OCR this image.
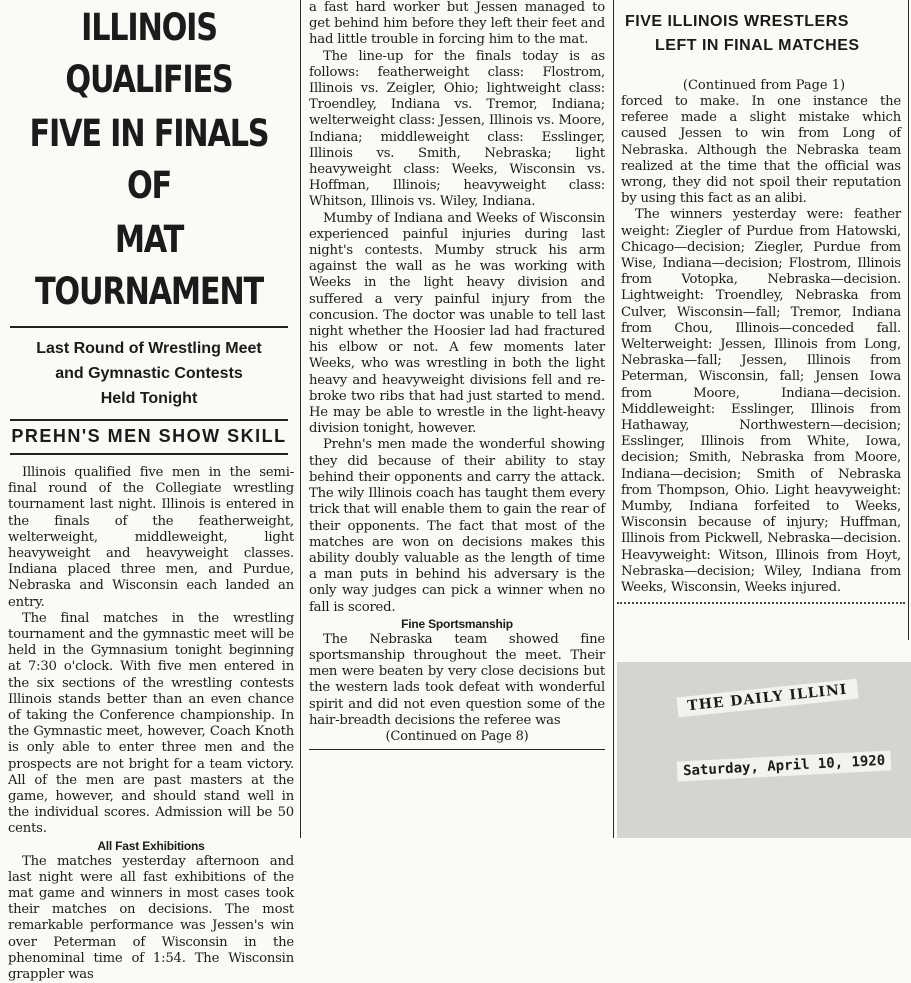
ILLINOIS QUALIFIES
FIVE IN FINALS OF
MAT TOURNAMENT
Last Round of Wrestling Meet
and Gymnastic Contests
Held Tonight
PREHN'S MEN SHOW SKILL

Illinois qualified five men in the semi-final round of the Collegiate wrestling tournament last night. Illinois is entered in the finals of the featherweight, welterweight, middleweight, light heavyweight and heavyweight classes. Indiana placed three men, and Purdue, Nebraska and Wisconsin each landed an entry.

The final matches in the wrestling tournament and the gymnastic meet will be held in the Gymnasium tonight beginning at 7:30 o'clock. With five men entered in the six sections of the wrestling contests Illinois stands better than an even chance of taking the Conference championship. In the Gymnastic meet, however, Coach Knoth is only able to enter three men and the prospects are not bright for a team victory. All of the men are past masters at the game, however, and should stand well in the individual scores. Admission will be 50 cents.

All Fast Exhibitions

The matches yesterday afternoon and last night were all fast exhibitions of the mat game and winners in most cases took their matches on decisions. The most remarkable performance was Jessen's win over Peterman of Wisconsin in the phenominal time of 1:54. The Wisconsin grappler was

a fast hard worker but Jessen managed to get behind him before they left their feet and had little trouble in forcing him to the mat.

The line-up for the finals today is as follows: featherweight class: Flostrom, Illinois vs. Zeigler, Ohio; lightweight class: Troendley, Indiana vs. Tremor, Indiana; welterweight class: Jessen, Illinois vs. Moore, Indiana; middleweight class: Esslinger, Illinois vs. Smith, Nebraska; light heavyweight class: Weeks, Wisconsin vs. Hoffman, Illinois; heavyweight class: Whitson, Illinois vs. Wiley, Indiana.

Mumby of Indiana and Weeks of Wisconsin experienced painful injuries during last night's contests. Mumby struck his arm against the wall as he was working with Weeks in the light heavy division and suffered a very painful injury from the concusion. The doctor was unable to tell last night whether the Hoosier lad had fractured his elbow or not. A few moments later Weeks, who was wrestling in both the light heavy and heavyweight divisions fell and re-broke two ribs that had just started to mend. He may be able to wrestle in the light-heavy division tonight, however.

Prehn's men made the wonderful showing they did because of their ability to stay behind their opponents and carry the attack. The wily Illinois coach has taught them every trick that will enable them to gain the rear of their opponents. The fact that most of the matches are won on decisions makes this ability doubly valuable as the length of time a man puts in behind his adversary is the only way judges can pick a winner when no fall is scored.

Fine Sportsmanship

The Nebraska team showed fine sportsmanship throughout the meet. Their men were beaten by very close decisions but the western lads took defeat with wonderful spirit and did not even question some of the hair-breadth decisions the referee was

(Continued on Page 8)
FIVE ILLINOIS WRESTLERS
LEFT IN FINAL MATCHES
(Continued from Page 1)

forced to make. In one instance the referee made a slight mistake which caused Jessen to win from Long of Nebraska. Although the Nebraska team realized at the time that the official was wrong, they did not spoil their reputation by using this fact as an alibi.

The winners yesterday were: feather weight: Ziegler of Purdue from Hatowski, Chicago—decision; Ziegler, Purdue from Wise, Indiana—decision; Flostrom, Illinois from Votopka, Nebraska—decision. Lightweight: Troendley, Nebraska from Culver, Wisconsin—fall; Tremor, Indiana from Chou, Illinois—conceded fall. Welterweight: Jessen, Illinois from Long, Nebraska—fall; Jessen, Illinois from Peterman, Wisconsin, fall; Jensen Iowa from Moore, Indiana—decision. Middleweight: Esslinger, Illinois from Hathaway, Northwestern—decision; Esslinger, Illinois from White, Iowa, decision; Smith, Nebraska from Moore, Indiana—decision; Smith of Nebraska from Thompson, Ohio. Light heavyweight: Mumby, Indiana forfeited to Weeks, Wisconsin because of injury; Huffman, Illinois from Pickwell, Nebraska—decision. Heavyweight: Witson, Illinois from Hoyt, Nebraska—decision; Wiley, Indiana from Weeks, Wisconsin, Weeks injured.

THE DAILY ILLINI
Saturday, April 10, 1920
